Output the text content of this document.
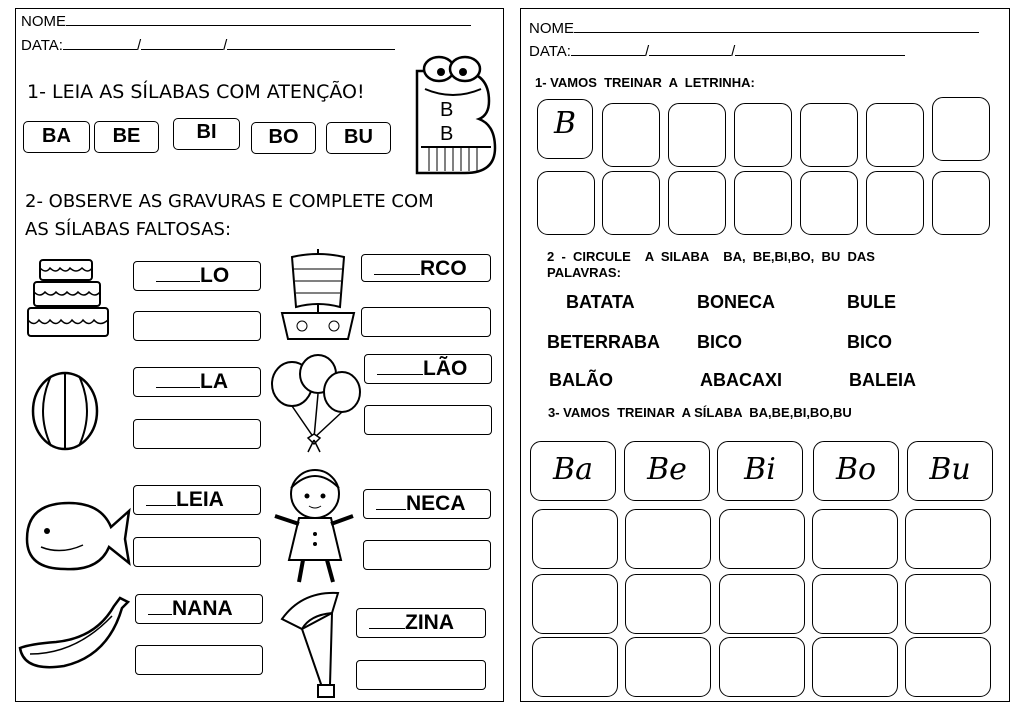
NOME
DATA:	/	/
1- LEIA AS SÍLABAS COM ATENÇÃO!
B
B
BA	BE	BI	BO	BU
2- OBSERVE AS GRAVURAS E COMPLETE COM
AS SÍLABAS FALTOSAS:
LO	RCO
LA
LÃO
LEIA	NECA
NANA
ZINA
NOME
DATA:	/	/
1- VAMOS  TREINAR  A  LETRINHA:
B
2  -  CIRCULE    A  SILABA    BA,  BE,BI,BO,  BU  DAS
PALAVRAS:
BATATA	BONECA	BULE
BETERRABA BICO	BICO
BALÃO	ABACAXI	BALEIA
3- VAMOS  TREINAR  A SÍLABA  BA,BE,BI,BO,BU
Ba	Be	Bi	Bo	Bu
